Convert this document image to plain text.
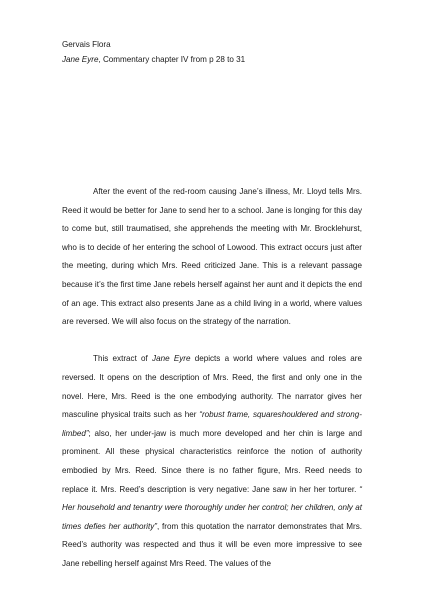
Gervais Flora
Jane Eyre, Commentary chapter IV from p 28 to 31

After the event of the red-room causing Jane’s illness, Mr. Lloyd tells Mrs. Reed it would be better for Jane to send her to a school. Jane is longing for this day to come but, still traumatised, she apprehends the meeting with Mr. Brocklehurst, who is to decide of her entering the school of Lowood. This extract occurs just after the meeting, during which Mrs. Reed criticized Jane. This is a relevant passage because it’s the first time Jane rebels herself against her aunt and it depicts the end of an age. This extract also presents Jane as a child living in a world, where values are reversed. We will also focus on the strategy of the narration.

This extract of Jane Eyre depicts a world where values and roles are reversed. It opens on the description of Mrs. Reed, the first and only one in the novel. Here, Mrs. Reed is the one embodying authority. The narrator gives her masculine physical traits such as her “robust frame, squareshouldered and strong-limbed”; also, her under-jaw is much more developed and her chin is large and prominent. All these physical characteristics reinforce the notion of authority embodied by Mrs. Reed. Since there is no father figure, Mrs. Reed needs to replace it. Mrs. Reed’s description is very negative: Jane saw in her her torturer. “ Her household and tenantry were thoroughly under her control; her children, only at times defies her authority”, from this quotation the narrator demonstrates that Mrs. Reed’s authority was respected and thus it will be even more impressive to see Jane rebelling herself against Mrs Reed. The values of the
